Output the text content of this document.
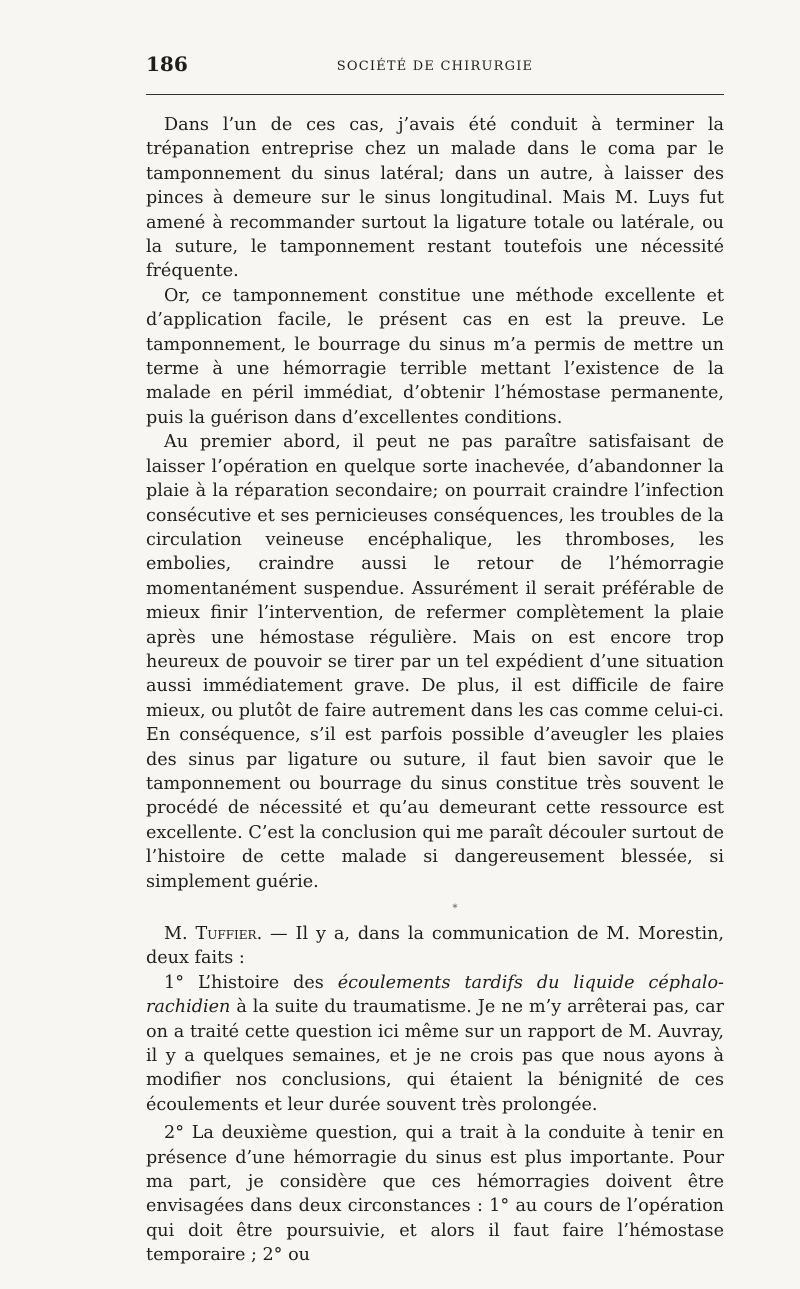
186	SOCIÉTÉ DE CHIRURGIE

Dans l’un de ces cas, j’avais été conduit à terminer la trépanation entreprise chez un malade dans le coma par le tamponnement du sinus latéral; dans un autre, à laisser des pinces à demeure sur le sinus longitudinal. Mais M. Luys fut amené à recommander surtout la ligature totale ou latérale, ou la suture, le tamponnement restant toutefois une nécessité fréquente.

Or, ce tamponnement constitue une méthode excellente et d’application facile, le présent cas en est la preuve. Le tamponnement, le bourrage du sinus m’a permis de mettre un terme à une hémorragie terrible mettant l’existence de la malade en péril immédiat, d’obtenir l’hémostase permanente, puis la guérison dans d’excellentes conditions.

Au premier abord, il peut ne pas paraître satisfaisant de laisser l’opération en quelque sorte inachevée, d’abandonner la plaie à la réparation secondaire; on pourrait craindre l’infection consécutive et ses pernicieuses conséquences, les troubles de la circulation veineuse encéphalique, les thromboses, les embolies, craindre aussi le retour de l’hémorragie momentanément suspendue. Assurément il serait préférable de mieux finir l’intervention, de refermer complètement la plaie après une hémostase régulière. Mais on est encore trop heureux de pouvoir se tirer par un tel expédient d’une situation aussi immédiatement grave. De plus, il est difficile de faire mieux, ou plutôt de faire autrement dans les cas comme celui-ci. En conséquence, s’il est parfois possible d’aveugler les plaies des sinus par ligature ou suture, il faut bien savoir que le tamponnement ou bourrage du sinus constitue très souvent le procédé de nécessité et qu’au demeurant cette ressource est excellente. C’est la conclusion qui me paraît découler surtout de l’histoire de cette malade si dangereusement blessée, si simplement guérie.

*

M. Tuffier. — Il y a, dans la communication de M. Morestin, deux faits :

1° L’histoire des écoulements tardifs du liquide céphalo-rachidien à la suite du traumatisme. Je ne m’y arrêterai pas, car on a traité cette question ici même sur un rapport de M. Auvray, il y a quelques semaines, et je ne crois pas que nous ayons à modifier nos conclusions, qui étaient la bénignité de ces écoulements et leur durée souvent très prolongée.

2° La deuxième question, qui a trait à la conduite à tenir en présence d’une hémorragie du sinus est plus importante. Pour ma part, je considère que ces hémorragies doivent être envisagées dans deux circonstances : 1° au cours de l’opération qui doit être poursuivie, et alors il faut faire l’hémostase temporaire ; 2° ou
